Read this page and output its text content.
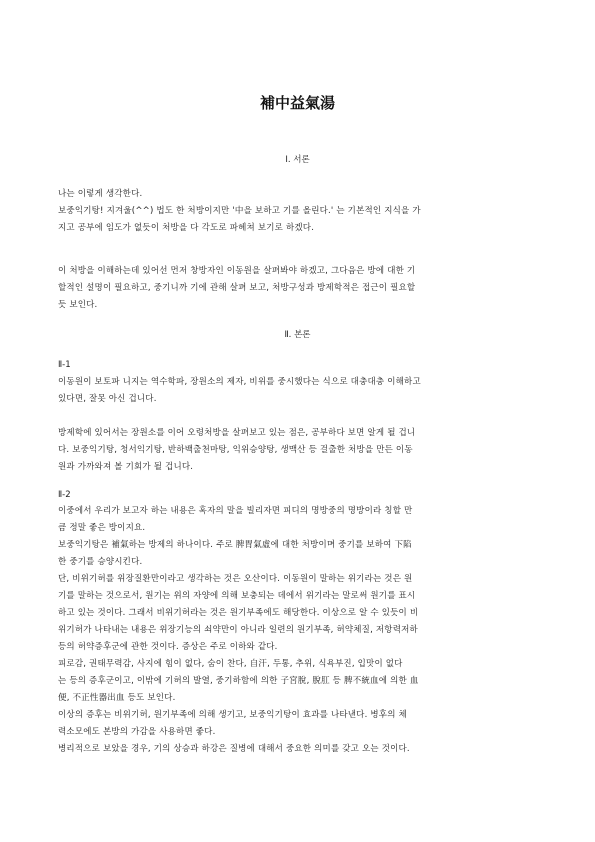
補中益氣湯
Ⅰ. 서론
나는 이렇게 생각한다.
보중익기탕! 지겨울(^^) 법도 한 처방이지만 '中을 보하고 기를 올린다.' 는 기본적인 지식을 가
지고 공부에 임도가 없듯이 처방을 다 각도로 파헤쳐 보기로 하겠다.
이 처방을 이해하는데 있어선 먼저 창방자인 이동원을 살펴봐야 하겠고, 그다음은 방에 대한 기
할적인 설명이 필요하고, 중기니까 기에 관해 살펴 보고, 처방구성과 방제학적은 접근이 필요할
듯 보인다.
Ⅱ. 본론
Ⅱ-1
이동원이 보토파 니지는 역수학파, 장원소의 제자, 비위를 중시했다는 식으로 대충대충 이해하고
있다면, 잘못 아신 겁니다.
방제학에 있어서는 장원소를 이어 오령처방을 살펴보고 있는 점은, 공부하다 보면 알게 될 겁니
다. 보중익기탕, 청서익기탕, 반하백출천마탕, 익위승양탕, 생맥산 등 걸출한 처방을 만든 이동
원과 가까와져 볼 기회가 될 겁니다.
Ⅱ-2
이중에서 우리가 보고자 하는 내용은 혹자의 말을 빌리자면 피디의 명방중의 명방이라 칭할 만
큼 정말 좋은 방이지요.
보중익기탕은 補氣하는 방제의 하나이다. 주로 脾胃氣虛에 대한 처방이며 중기를 보하여 下陷
한 중기를 승양시킨다.
단, 비위기허를 위장질환만이라고 생각하는 것은 오산이다. 이동원이 말하는 위기라는 것은 원
기를 말하는 것으로서, 원기는 위의 자양에 의해 보충되는 데에서 위기라는 말로써 원기를 표시
하고 있는 것이다. 그래서 비위기허라는 것은 원기부족에도 해당한다. 이상으로 알 수 있듯이 비
위기허가 나타내는 내용은 위장기능의 쇠약만이 아니라 일련의 원기부족, 허약체질, 저항력저하
등의 허약증후군에 관한 것이다. 증상은 주로 이하와 같다.
피로감, 권태무력감, 사지에 힘이 없다, 숨이 찬다, 自汗, 두통, 추위, 식욕부진, 입맛이 없다
는 등의 증후군이고, 이밖에 기허의 발열, 중기하함에 의한 子宮脫, 脫肛 등 脾不統血에 의한 血
便, 不正性器出血 등도 보인다.
이상의 증후는 비위기허, 원기부족에 의해 생기고, 보중익기탕이 효과를 나타낸다. 병후의 체
력소모에도 본방의 가감을 사용하면 좋다.
병리적으로 보았을 경우, 기의 상승과 하강은 질병에 대해서 중요한 의미를 갖고 오는 것이다.
